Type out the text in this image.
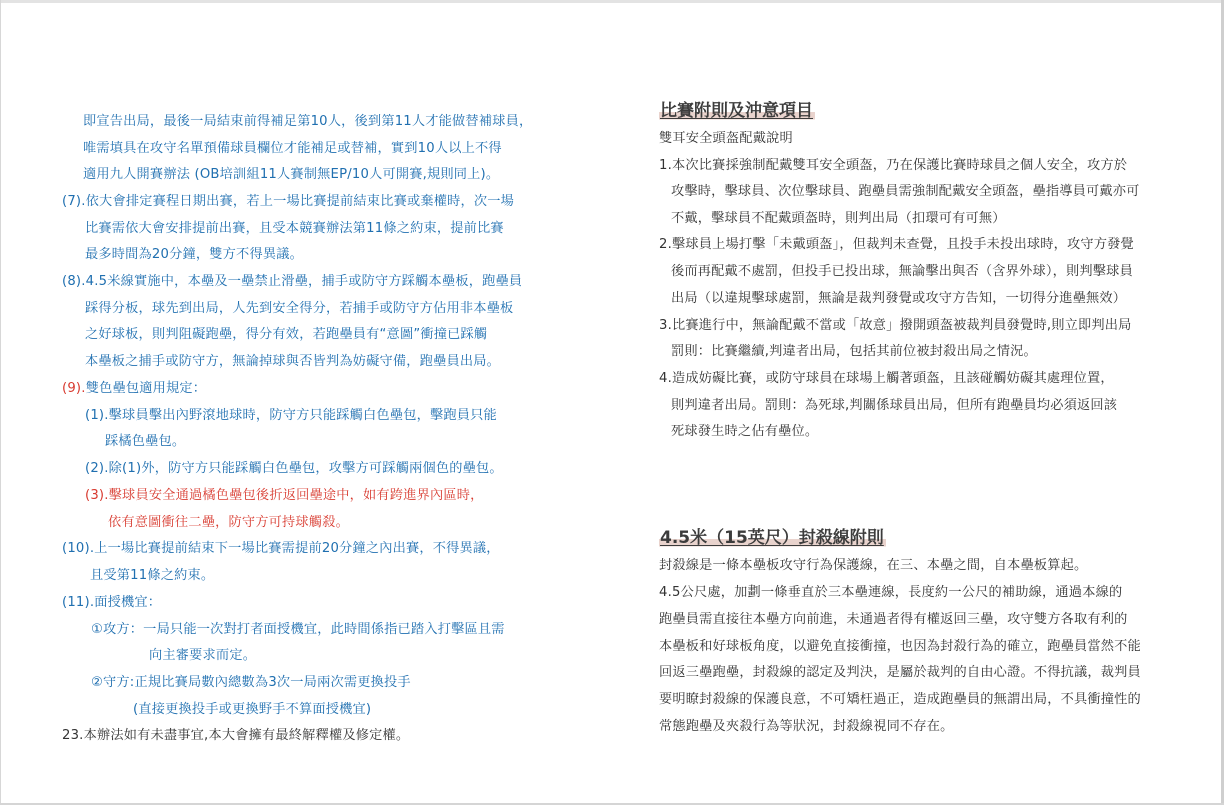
即宣告出局，最後一局結束前得補足第10人，後到第11人才能做替補球員，
唯需填具在攻守名單預備球員欄位才能補足或替補，實到10人以上不得
適用九人開賽辦法 (OB培訓組11人賽制無EP/10人可開賽,規則同上)。
(7).依大會排定賽程日期出賽，若上一場比賽提前結束比賽或棄權時，次一場
比賽需依大會安排提前出賽，且受本競賽辦法第11條之約束，提前比賽
最多時間為20分鐘，雙方不得異議。
(8).4.5米線實施中，本壘及一壘禁止滑壘，捕手或防守方踩觸本壘板，跑壘員
踩得分板，球先到出局，人先到安全得分，若捕手或防守方佔用非本壘板
之好球板，則判阻礙跑壘，得分有效，若跑壘員有“意圖”衝撞已踩觸
本壘板之捕手或防守方，無論掉球與否皆判為妨礙守備，跑壘員出局。
(9).雙色壘包適用規定：
(1).擊球員擊出內野滾地球時，防守方只能踩觸白色壘包，擊跑員只能
踩橘色壘包。
(2).除(1)外，防守方只能踩觸白色壘包，攻擊方可踩觸兩個色的壘包。
(3).擊球員安全通過橘色壘包後折返回壘途中，如有跨進界內區時，
依有意圖衝往二壘，防守方可持球觸殺。
(10).上一場比賽提前結束下一場比賽需提前20分鐘之內出賽，不得異議，
且受第11條之約束。
(11).面授機宜：
①攻方：一局只能一次對打者面授機宜，此時間係指已踏入打擊區且需
向主審要求而定。
②守方:正規比賽局數內總數為3次一局兩次需更換投手
(直接更換投手或更換野手不算面授機宜)
23.本辦法如有未盡事宜,本大會擁有最終解釋權及修定權。
比賽附則及沖意項目
雙耳安全頭盔配戴說明
1.本次比賽採強制配戴雙耳安全頭盔，乃在保護比賽時球員之個人安全，攻方於
攻擊時，擊球員、次位擊球員、跑壘員需強制配戴安全頭盔，壘指導員可戴亦可
不戴，擊球員不配戴頭盔時，則判出局（扣環可有可無）
2.擊球員上場打擊「未戴頭盔」，但裁判未查覺，且投手未投出球時，攻守方發覺
後而再配戴不處罰，但投手已投出球，無論擊出與否（含界外球），則判擊球員
出局（以違規擊球處罰，無論是裁判發覺或攻守方告知，一切得分進壘無效）
3.比賽進行中，無論配戴不當或「故意」撥開頭盔被裁判員發覺時,則立即判出局
罰則：比賽繼續,判違者出局，包括其前位被封殺出局之情況。
4.造成妨礙比賽，或防守球員在球場上觸著頭盔，且該碰觸妨礙其處理位置，
則判違者出局。罰則：為死球,判關係球員出局，但所有跑壘員均必須返回該
死球發生時之佔有壘位。
4.5米（15英尺）封殺線附則
封殺線是一條本壘板攻守行為保護線，在三、本壘之間，自本壘板算起。
4.5公尺處，加劃一條垂直於三本壘連線，長度約一公尺的補助線，通過本線的
跑壘員需直接往本壘方向前進，未通過者得有權返回三壘，攻守雙方各取有利的
本壘板和好球板角度，以避免直接衝撞，也因為封殺行為的確立，跑壘員當然不能
回返三壘跑壘，封殺線的認定及判決，是屬於裁判的自由心證。不得抗議，裁判員
要明瞭封殺線的保護良意，不可矯枉過正，造成跑壘員的無謂出局，不具衝撞性的
常態跑壘及夾殺行為等狀況，封殺線視同不存在。
